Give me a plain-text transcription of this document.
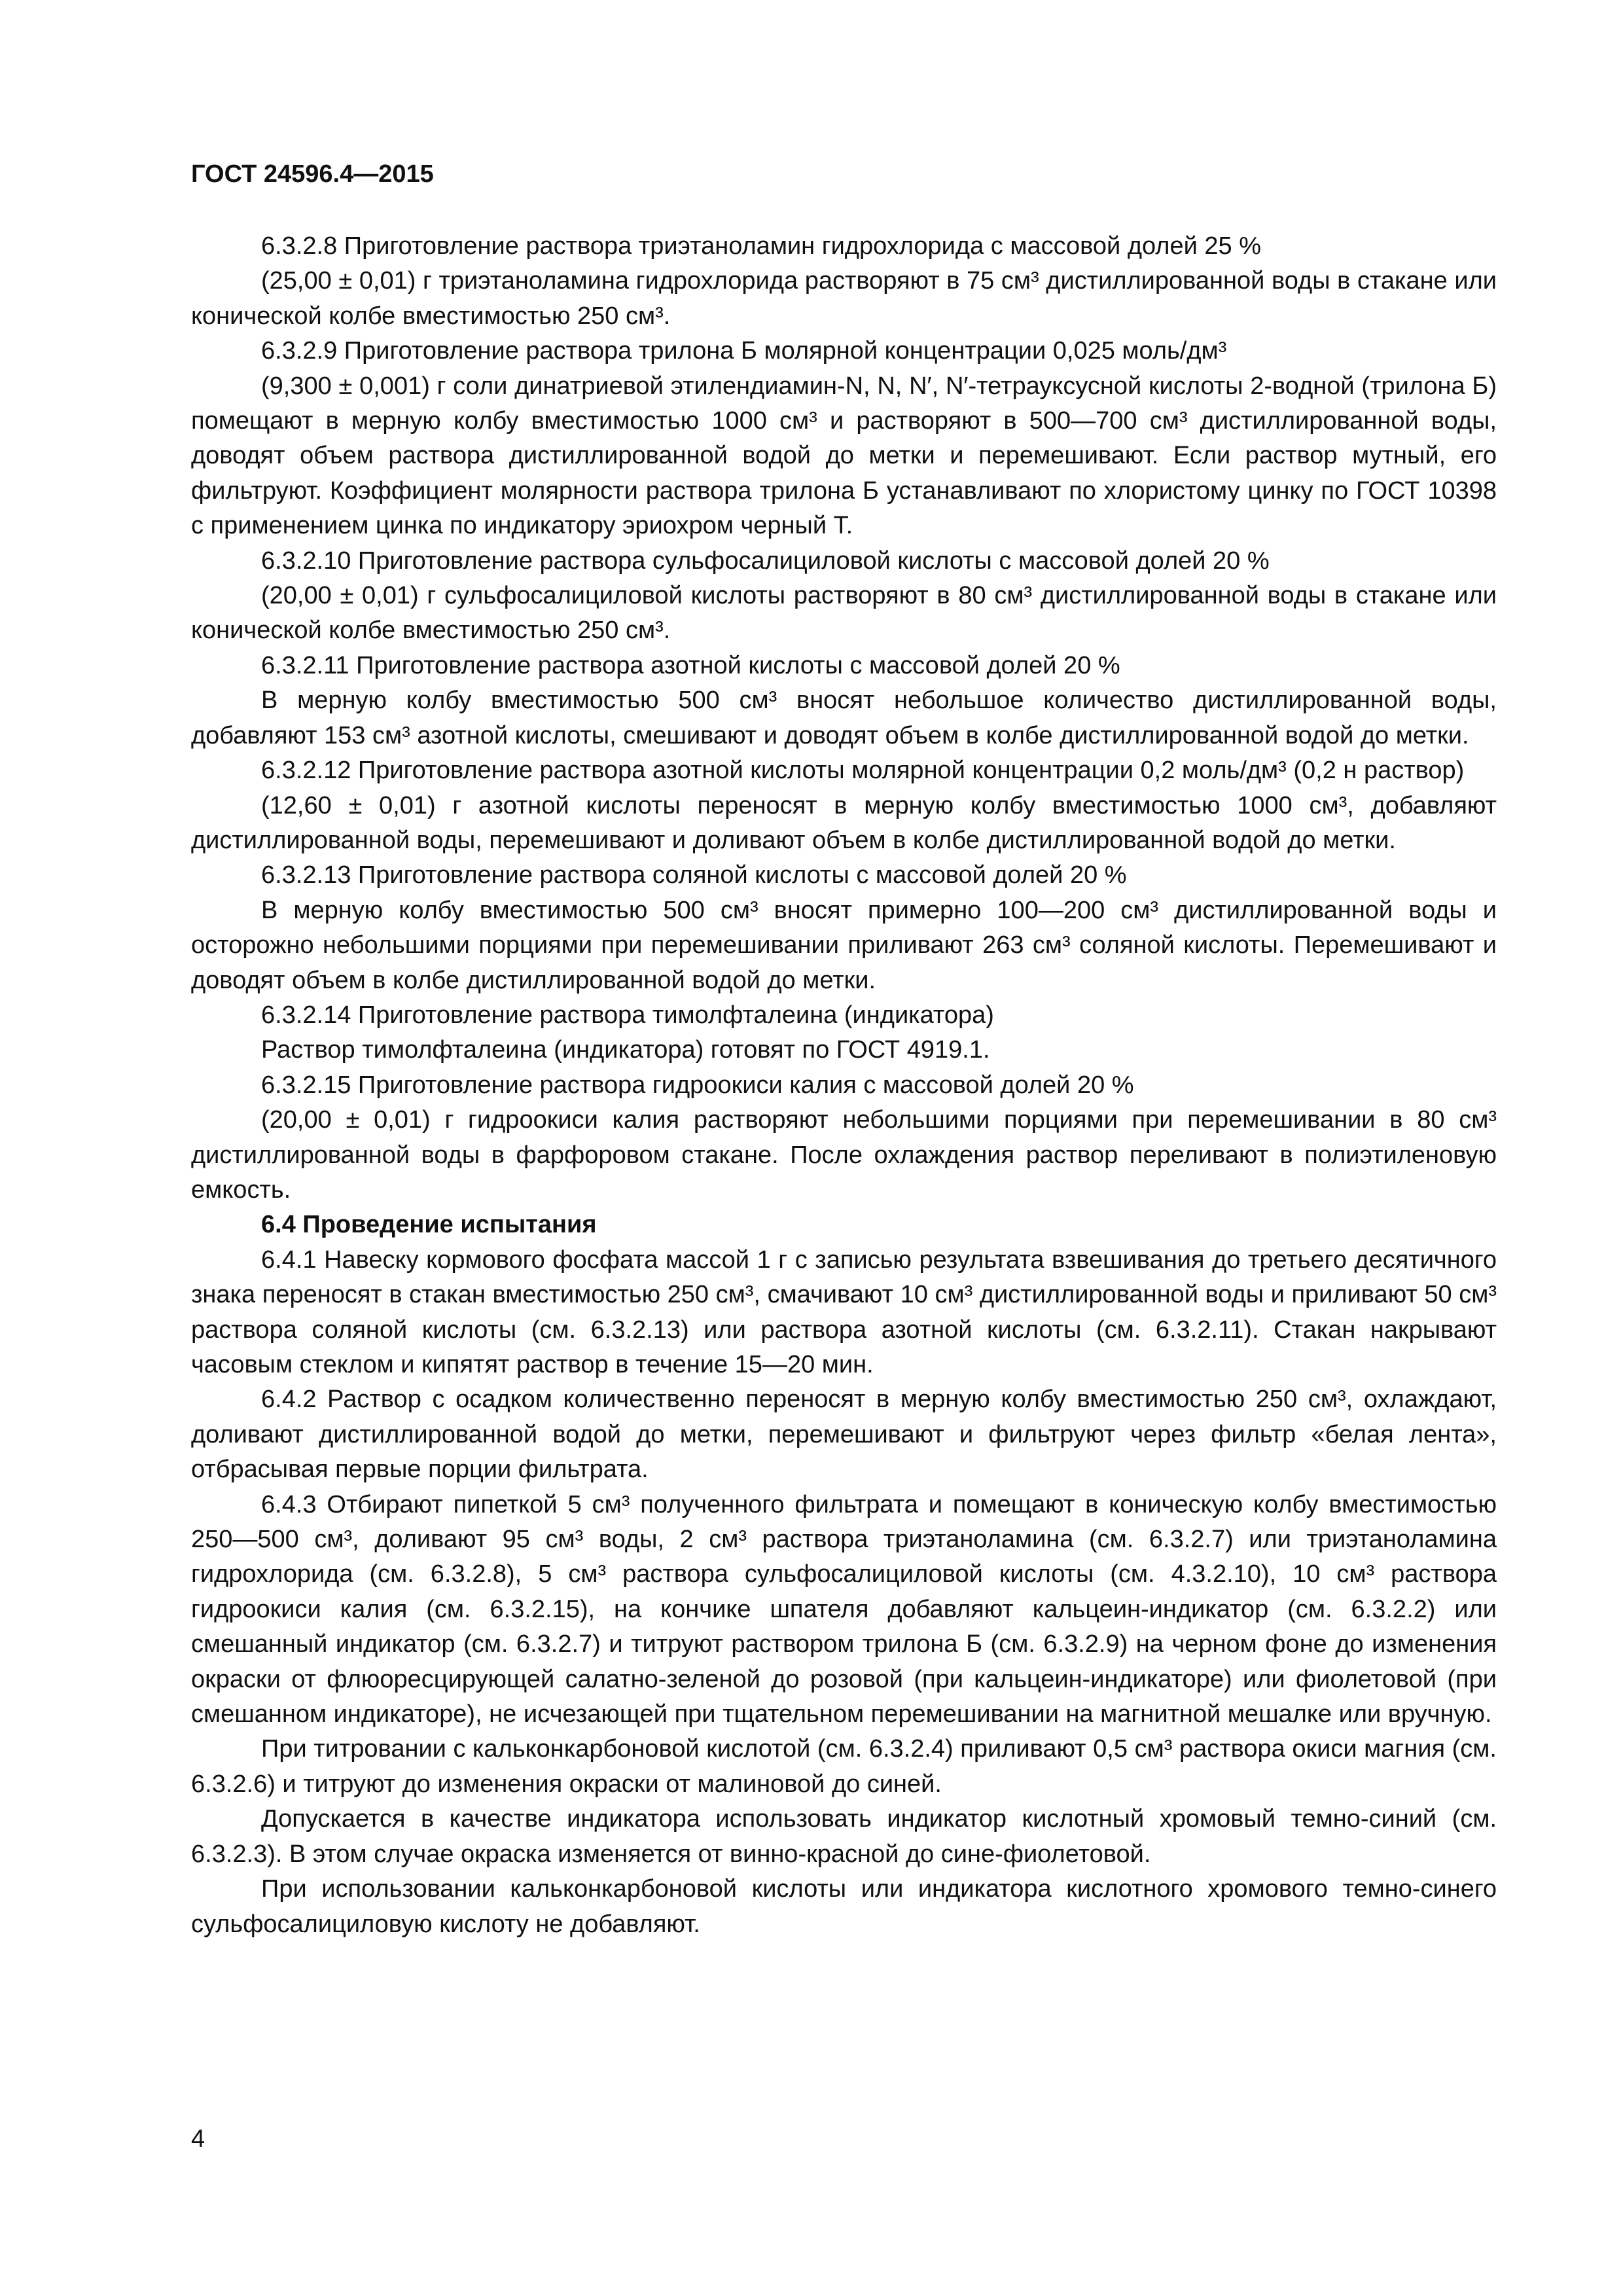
ГОСТ 24596.4—2015

6.3.2.8 Приготовление раствора триэтаноламин гидрохлорида с массовой долей 25 %

(25,00 ± 0,01) г триэтаноламина гидрохлорида растворяют в 75 см³ дистиллированной воды в стакане или конической колбе вместимостью 250 см³.

6.3.2.9 Приготовление раствора трилона Б молярной концентрации 0,025 моль/дм³

(9,300 ± 0,001) г соли динатриевой этилендиамин-N, N, N′, N′-тетрауксусной кислоты 2-водной (трилона Б) помещают в мерную колбу вместимостью 1000 см³ и растворяют в 500—700 см³ дистиллированной воды, доводят объем раствора дистиллированной водой до метки и перемешивают. Если раствор мутный, его фильтруют. Коэффициент молярности раствора трилона Б устанавливают по хлористому цинку по ГОСТ 10398 с применением цинка по индикатору эриохром черный Т.

6.3.2.10 Приготовление раствора сульфосалициловой кислоты с массовой долей 20 %

(20,00 ± 0,01) г сульфосалициловой кислоты растворяют в 80 см³ дистиллированной воды в стакане или конической колбе вместимостью 250 см³.

6.3.2.11 Приготовление раствора азотной кислоты с массовой долей 20 %

В мерную колбу вместимостью 500 см³ вносят небольшое количество дистиллированной воды, добавляют 153 см³ азотной кислоты, смешивают и доводят объем в колбе дистиллированной водой до метки.

6.3.2.12 Приготовление раствора азотной кислоты молярной концентрации 0,2 моль/дм³ (0,2 н раствор)

(12,60 ± 0,01) г азотной кислоты переносят в мерную колбу вместимостью 1000 см³, добавляют дистиллированной воды, перемешивают и доливают объем в колбе дистиллированной водой до метки.

6.3.2.13 Приготовление раствора соляной кислоты с массовой долей 20 %

В мерную колбу вместимостью 500 см³ вносят примерно 100—200 см³ дистиллированной воды и осторожно небольшими порциями при перемешивании приливают 263 см³ соляной кислоты. Перемешивают и доводят объем в колбе дистиллированной водой до метки.

6.3.2.14 Приготовление раствора тимолфталеина (индикатора)

Раствор тимолфталеина (индикатора) готовят по ГОСТ 4919.1.

6.3.2.15 Приготовление раствора гидроокиси калия с массовой долей 20 %

(20,00 ± 0,01) г гидроокиси калия растворяют небольшими порциями при перемешивании в 80 см³ дистиллированной воды в фарфоровом стакане. После охлаждения раствор переливают в полиэтиленовую емкость.

6.4 Проведение испытания

6.4.1 Навеску кормового фосфата массой 1 г с записью результата взвешивания до третьего десятичного знака переносят в стакан вместимостью 250 см³, смачивают 10 см³ дистиллированной воды и приливают 50 см³ раствора соляной кислоты (см. 6.3.2.13) или раствора азотной кислоты (см. 6.3.2.11). Стакан накрывают часовым стеклом и кипятят раствор в течение 15—20 мин.

6.4.2 Раствор с осадком количественно переносят в мерную колбу вместимостью 250 см³, охлаждают, доливают дистиллированной водой до метки, перемешивают и фильтруют через фильтр «белая лента», отбрасывая первые порции фильтрата.

6.4.3 Отбирают пипеткой 5 см³ полученного фильтрата и помещают в коническую колбу вместимостью 250—500 см³, доливают 95 см³ воды, 2 см³ раствора триэтаноламина (см. 6.3.2.7) или триэтаноламина гидрохлорида (см. 6.3.2.8), 5 см³ раствора сульфосалициловой кислоты (см. 4.3.2.10), 10 см³ раствора гидроокиси калия (см. 6.3.2.15), на кончике шпателя добавляют кальцеин-индикатор (см. 6.3.2.2) или смешанный индикатор (см. 6.3.2.7) и титруют раствором трилона Б (см. 6.3.2.9) на черном фоне до изменения окраски от флюоресцирующей салатно-зеленой до розовой (при кальцеин-индикаторе) или фиолетовой (при смешанном индикаторе), не исчезающей при тщательном перемешивании на магнитной мешалке или вручную.

При титровании с кальконкарбоновой кислотой (см. 6.3.2.4) приливают 0,5 см³ раствора окиси магния (см. 6.3.2.6) и титруют до изменения окраски от малиновой до синей.

Допускается в качестве индикатора использовать индикатор кислотный хромовый темно-синий (см. 6.3.2.3). В этом случае окраска изменяется от винно-красной до сине-фиолетовой.

При использовании кальконкарбоновой кислоты или индикатора кислотного хромового темно-синего сульфосалициловую кислоту не добавляют.

4
